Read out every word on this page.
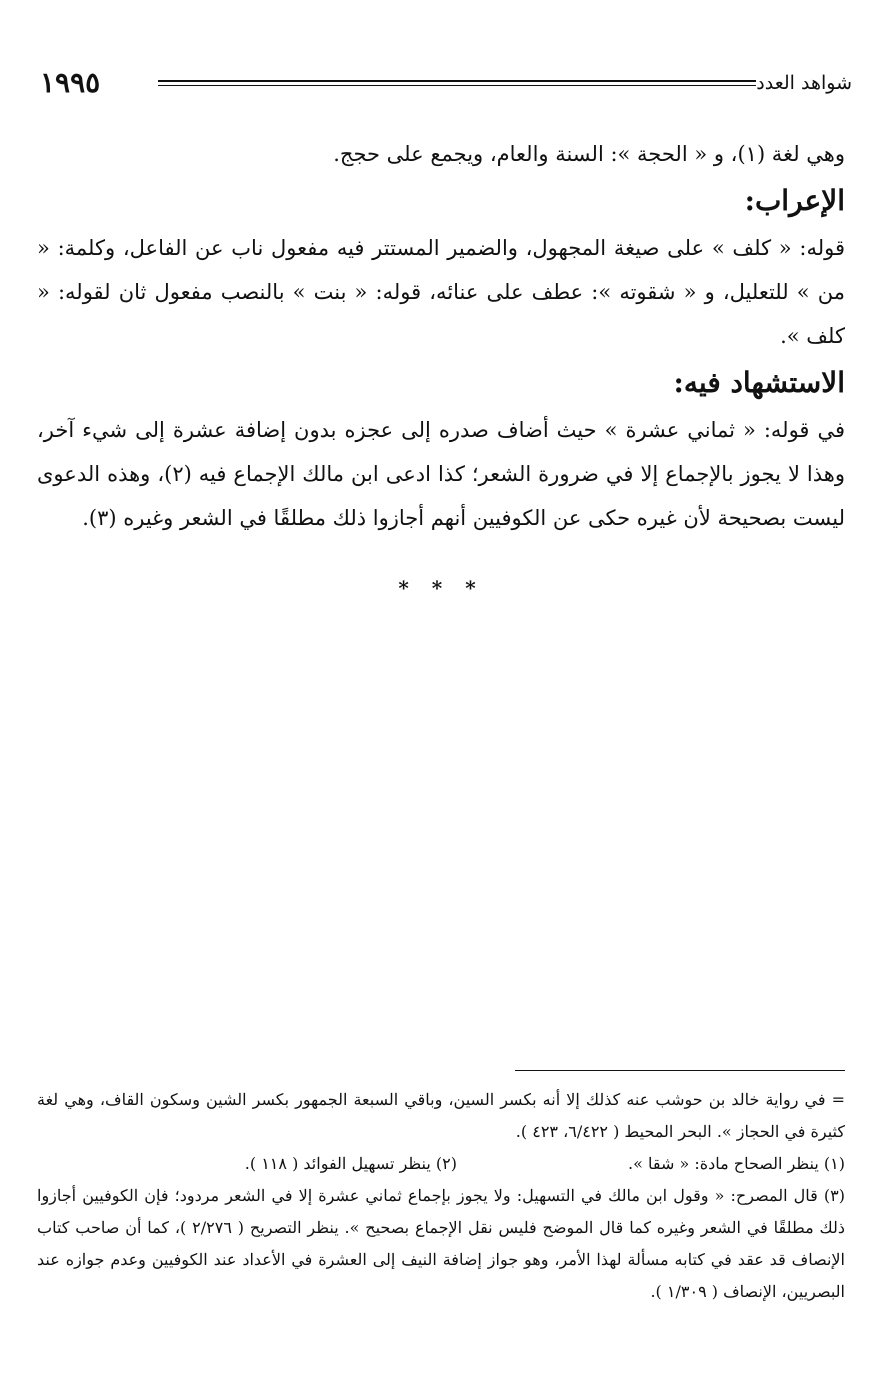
شواهد العدد
١٩٩٥

وهي لغة (١)، و « الحجة »: السنة والعام، ويجمع على حجج.

الإعراب:

قوله: « كلف » على صيغة المجهول، والضمير المستتر فيه مفعول ناب عن الفاعل، وكلمة: « من » للتعليل، و « شقوته »: عطف على عنائه، قوله: « بنت » بالنصب مفعول ثان لقوله: « كلف ».

الاستشهاد فيه:

في قوله: « ثماني عشرة » حيث أضاف صدره إلى عجزه بدون إضافة عشرة إلى شيء آخر، وهذا لا يجوز بالإجماع إلا في ضرورة الشعر؛ كذا ادعى ابن مالك الإجماع فيه (٢)، وهذه الدعوى ليست بصحيحة لأن غيره حكى عن الكوفيين أنهم أجازوا ذلك مطلقًا في الشعر وغيره (٣).

* * *

= في رواية خالد بن حوشب عنه كذلك إلا أنه بكسر السين، وباقي السبعة الجمهور بكسر الشين وسكون القاف، وهي لغة كثيرة في الحجاز ». البحر المحيط ( ٦/٤٢٢، ٤٢٣ ).

(١) ينظر الصحاح مادة: « شقا ».
(٢) ينظر تسهيل الفوائد ( ١١٨ ).

(٣) قال المصرح: « وقول ابن مالك في التسهيل: ولا يجوز بإجماع ثماني عشرة إلا في الشعر مردود؛ فإن الكوفيين أجازوا ذلك مطلقًا في الشعر وغيره كما قال الموضح فليس نقل الإجماع بصحيح ». ينظر التصريح ( ٢/٢٧٦ )، كما أن صاحب كتاب الإنصاف قد عقد في كتابه مسألة لهذا الأمر، وهو جواز إضافة النيف إلى العشرة في الأعداد عند الكوفيين وعدم جوازه عند البصريين، الإنصاف ( ١/٣٠٩ ).
